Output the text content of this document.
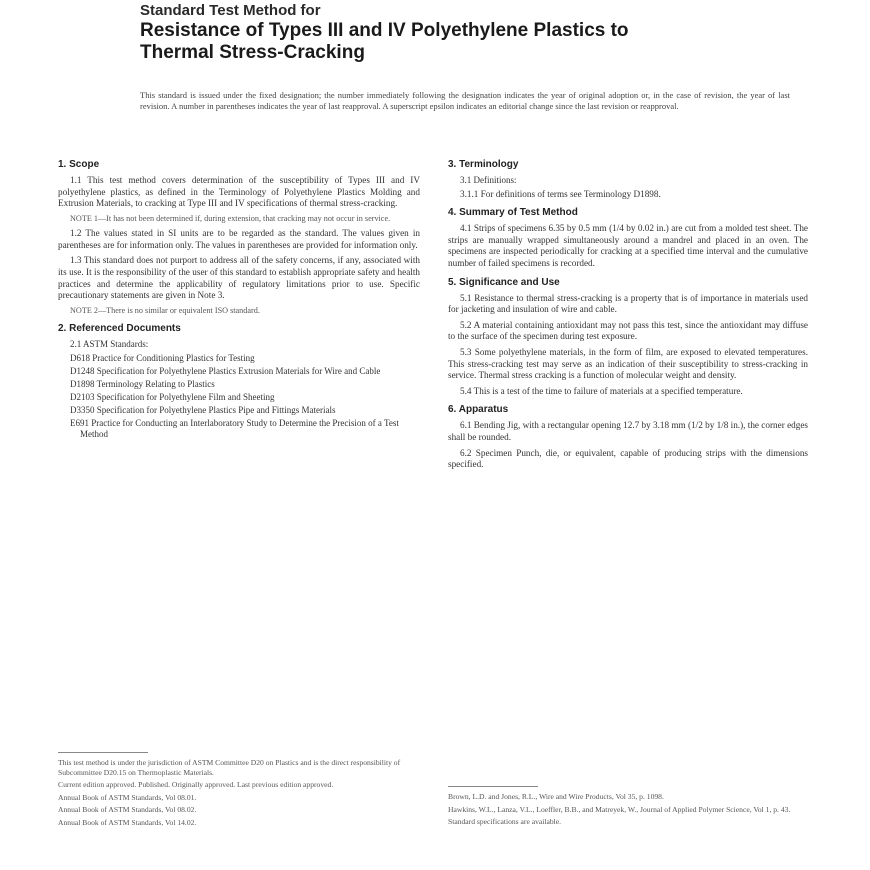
Standard Test Method for
Resistance of Types III and IV Polyethylene Plastics to
Thermal Stress-Cracking
This standard is issued under the fixed designation; the number immediately following the designation indicates the year of original adoption or, in the case of revision, the year of last revision. A number in parentheses indicates the year of last reapproval. A superscript epsilon indicates an editorial change since the last revision or reapproval.
1. Scope

1.1 This test method covers determination of the susceptibility of Types III and IV polyethylene plastics, as defined in the Terminology of Polyethylene Plastics Molding and Extrusion Materials, to cracking at Type III and IV specifications of thermal stress-cracking.

NOTE 1—It has not been determined if, during extension, that cracking may not occur in service.

1.2 The values stated in SI units are to be regarded as the standard. The values given in parentheses are for information only. The values in parentheses are provided for information only.

1.3 This standard does not purport to address all of the safety concerns, if any, associated with its use. It is the responsibility of the user of this standard to establish appropriate safety and health practices and determine the applicability of regulatory limitations prior to use. Specific precautionary statements are given in Note 3.

NOTE 2—There is no similar or equivalent ISO standard.

2. Referenced Documents
2.1 ASTM Standards:
D618 Practice for Conditioning Plastics for Testing
D1248 Specification for Polyethylene Plastics Extrusion Materials for Wire and Cable
D1898 Terminology Relating to Plastics
D2103 Specification for Polyethylene Film and Sheeting
D3350 Specification for Polyethylene Plastics Pipe and Fittings Materials
E691 Practice for Conducting an Interlaboratory Study to Determine the Precision of a Test Method
3. Terminology
3.1 Definitions:

3.1.1 For definitions of terms see Terminology D1898.

4. Summary of Test Method

4.1 Strips of specimens 6.35 by 0.5 mm (1/4 by 0.02 in.) are cut from a molded test sheet. The strips are manually wrapped simultaneously around a mandrel and placed in an oven. The specimens are inspected periodically for cracking at a specified time interval and the cumulative number of failed specimens is recorded.

5. Significance and Use

5.1 Resistance to thermal stress-cracking is a property that is of importance in materials used for jacketing and insulation of wire and cable.

5.2 A material containing antioxidant may not pass this test, since the antioxidant may diffuse to the surface of the specimen during test exposure.

5.3 Some polyethylene materials, in the form of film, are exposed to elevated temperatures. This stress-cracking test may serve as an indication of their susceptibility to stress-cracking in service. Thermal stress cracking is a function of molecular weight and density.

5.4 This is a test of the time to failure of materials at a specified temperature.

6. Apparatus

6.1 Bending Jig, with a rectangular opening 12.7 by 3.18 mm (1/2 by 1/8 in.), the corner edges shall be rounded.

6.2 Specimen Punch, die, or equivalent, capable of producing strips with the dimensions specified.

This test method is under the jurisdiction of ASTM Committee D20 on Plastics and is the direct responsibility of Subcommittee D20.15 on Thermoplastic Materials.

Current edition approved. Published. Originally approved. Last previous edition approved.

Annual Book of ASTM Standards, Vol 08.01.

Annual Book of ASTM Standards, Vol 08.02.

Annual Book of ASTM Standards, Vol 14.02.

Brown, L.D. and Jones, R.L., Wire and Wire Products, Vol 35, p. 1098.

Hawkins, W.L., Lanza, V.L., Loeffler, B.B., and Matreyek, W., Journal of Applied Polymer Science, Vol 1, p. 43.

Standard specifications are available.
